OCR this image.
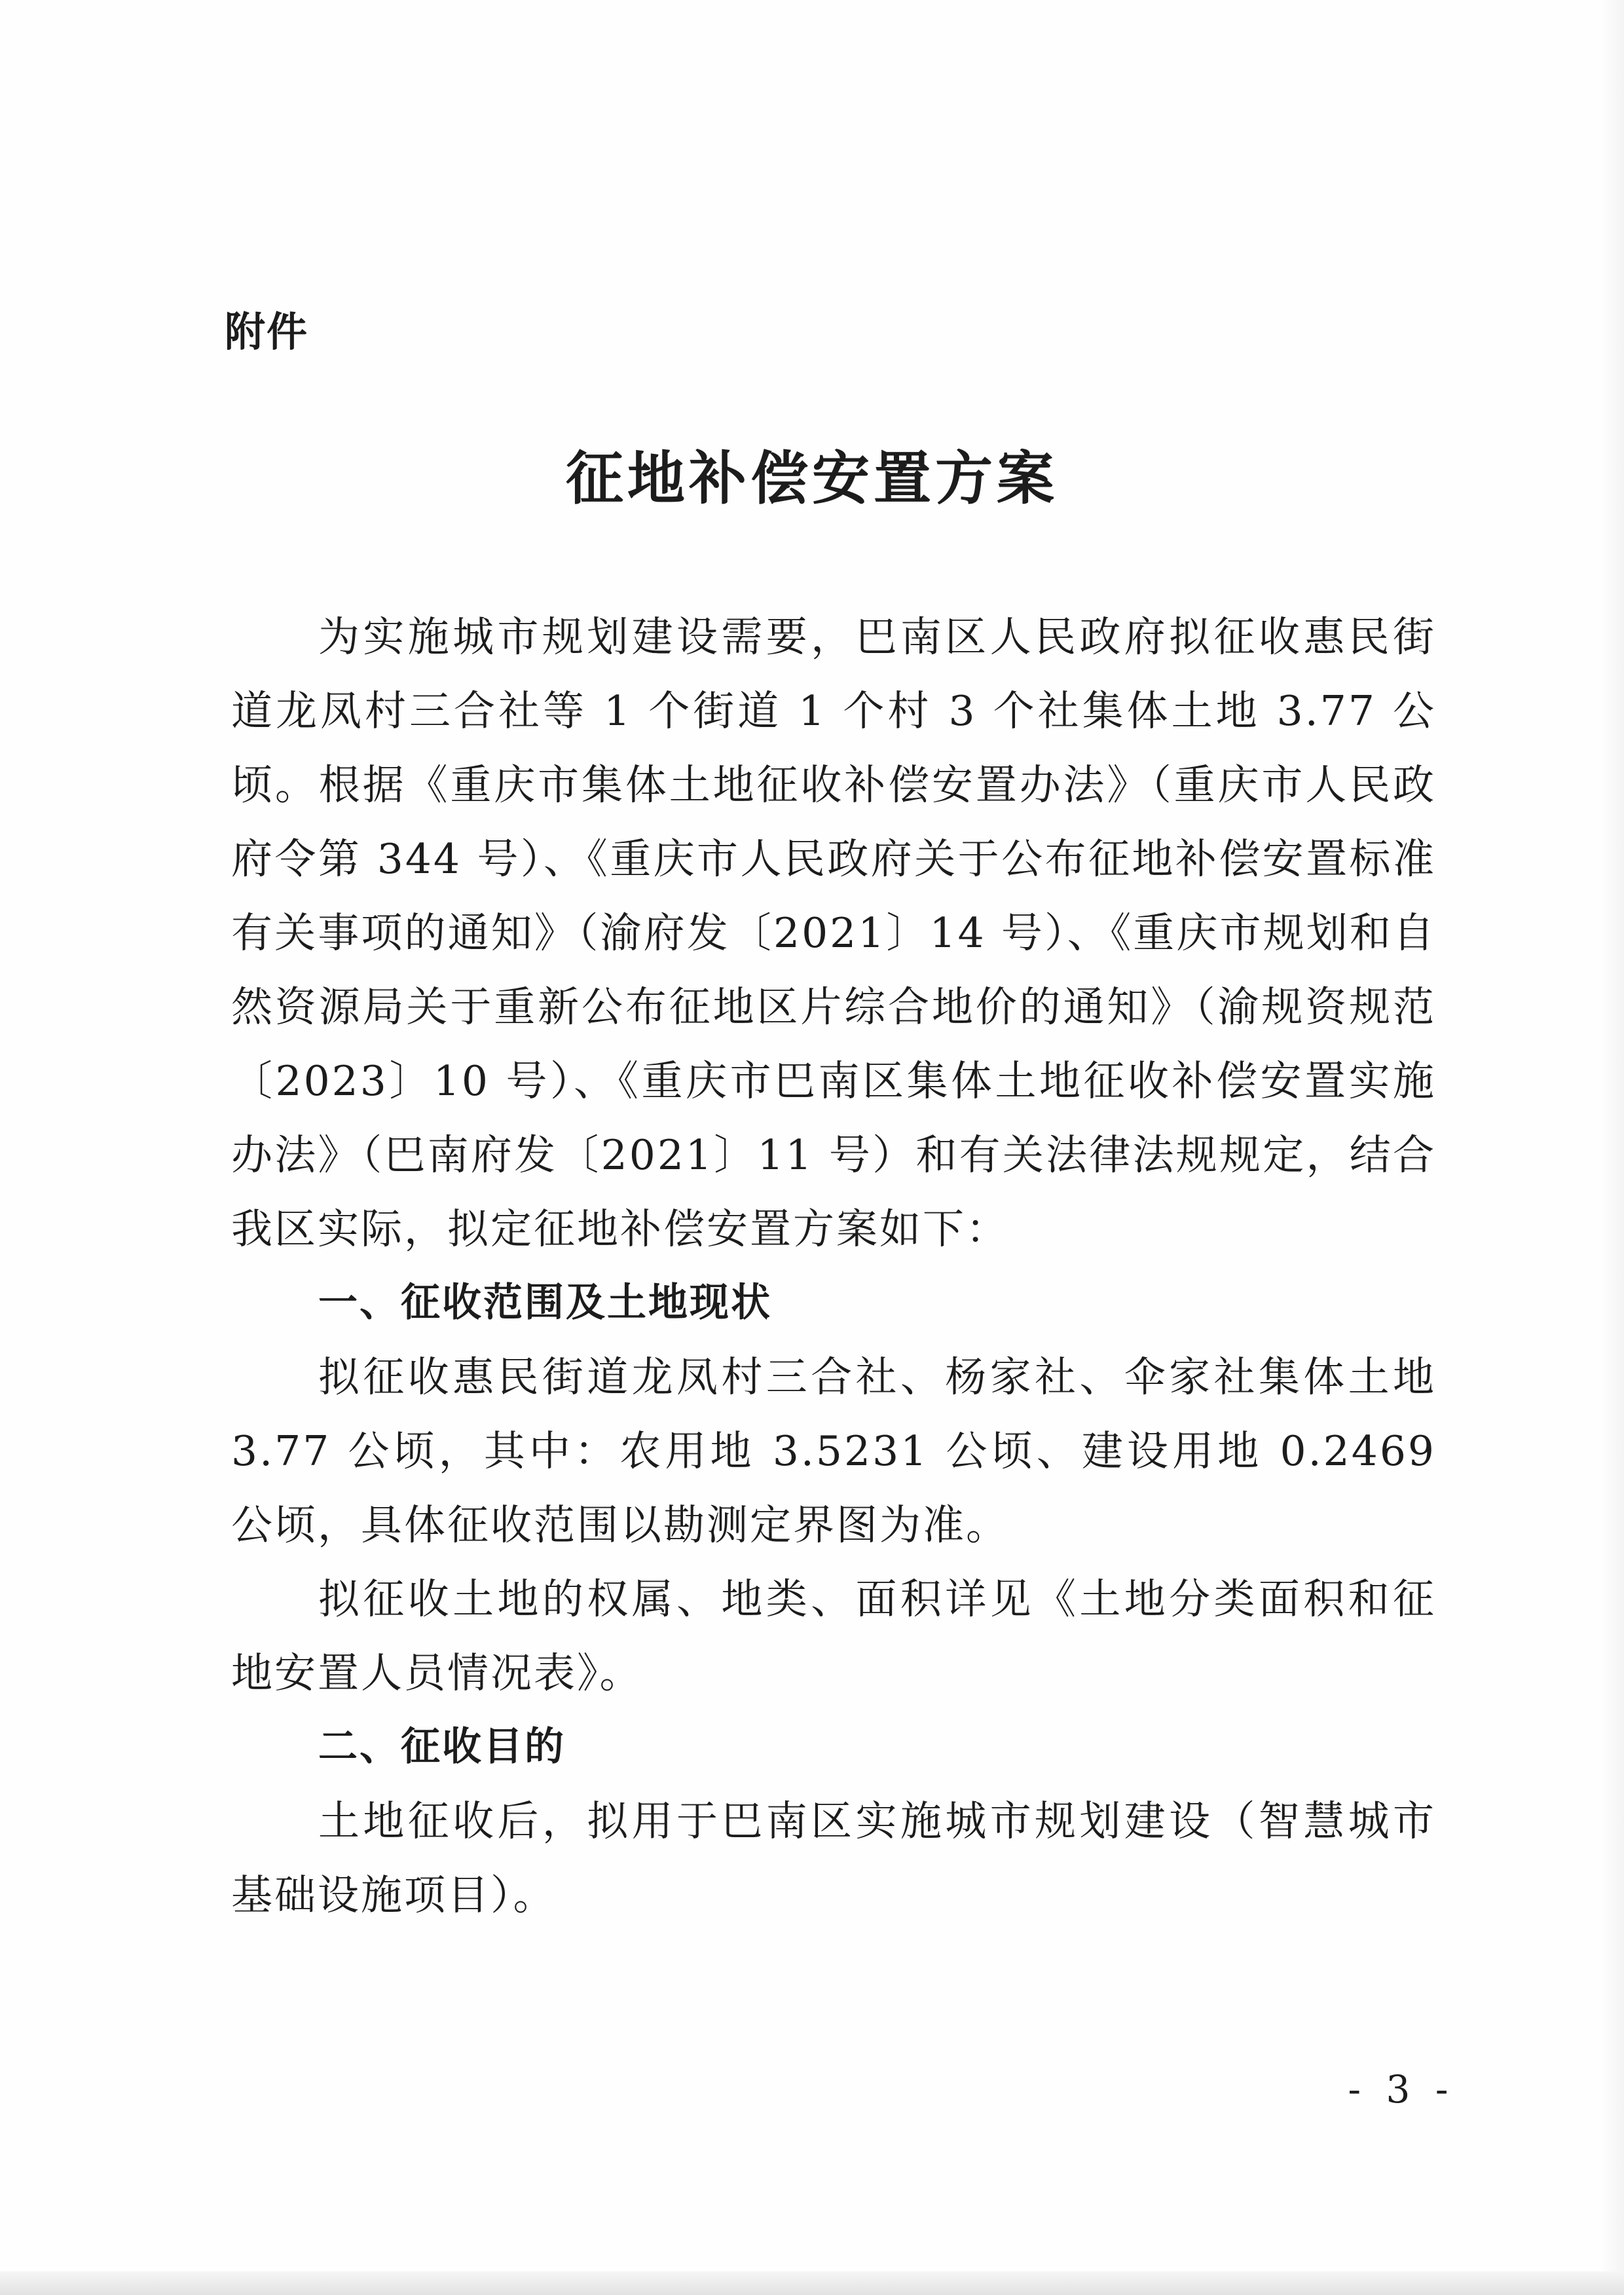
附件
征地补偿安置方案

为实施城市规划建设需要，巴南区人民政府拟征收惠民街道龙凤村三合社等 1 个街道 1 个村 3 个社集体土地 3.77 公顷。根据《重庆市集体土地征收补偿安置办法》（重庆市人民政府令第 344 号）、《重庆市人民政府关于公布征地补偿安置标准有关事项的通知》（渝府发〔2021〕14 号）、《重庆市规划和自然资源局关于重新公布征地区片综合地价的通知》（渝规资规范〔2023〕10 号）、《重庆市巴南区集体土地征收补偿安置实施办法》（巴南府发〔2021〕11 号）和有关法律法规规定，结合我区实际，拟定征地补偿安置方案如下：

一、征收范围及土地现状

拟征收惠民街道龙凤村三合社、杨家社、伞家社集体土地 3.77 公顷，其中：农用地 3.5231 公顷、建设用地 0.2469 公顷，具体征收范围以勘测定界图为准。

拟征收土地的权属、地类、面积详见《土地分类面积和征地安置人员情况表》。

二、征收目的

土地征收后，拟用于巴南区实施城市规划建设（智慧城市基础设施项目）。

- 3 -
